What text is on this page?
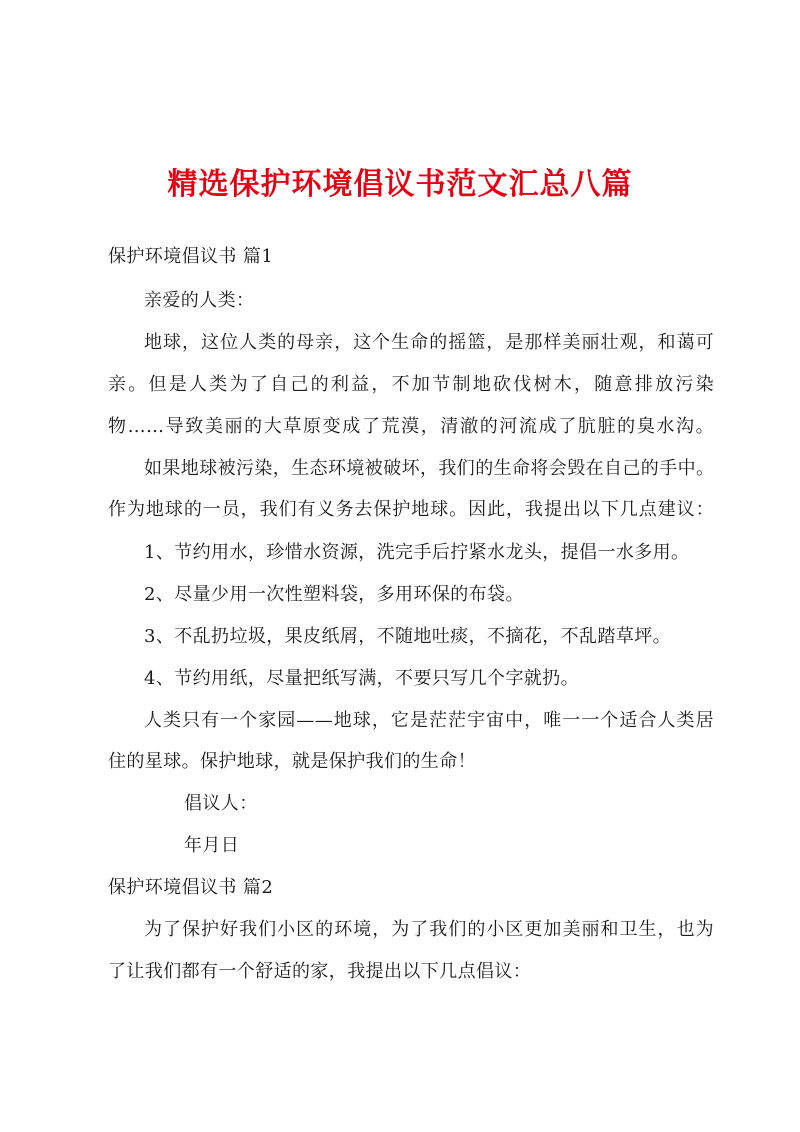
精选保护环境倡议书范文汇总八篇
保护环境倡议书 篇1
亲爱的人类：
地球，这位人类的母亲，这个生命的摇篮，是那样美丽壮观，和蔼可
亲。但是人类为了自己的利益，不加节制地砍伐树木，随意排放污染
物……导致美丽的大草原变成了荒漠，清澈的河流成了肮脏的臭水沟。
如果地球被污染，生态环境被破坏，我们的生命将会毁在自己的手中。
作为地球的一员，我们有义务去保护地球。因此，我提出以下几点建议：
1、节约用水，珍惜水资源，洗完手后拧紧水龙头，提倡一水多用。
2、尽量少用一次性塑料袋，多用环保的布袋。
3、不乱扔垃圾，果皮纸屑，不随地吐痰，不摘花，不乱踏草坪。
4、节约用纸，尽量把纸写满，不要只写几个字就扔。
人类只有一个家园——地球，它是茫茫宇宙中，唯一一个适合人类居
住的星球。保护地球，就是保护我们的生命！
倡议人：
年月日
保护环境倡议书 篇2
为了保护好我们小区的环境，为了我们的小区更加美丽和卫生，也为
了让我们都有一个舒适的家，我提出以下几点倡议：
